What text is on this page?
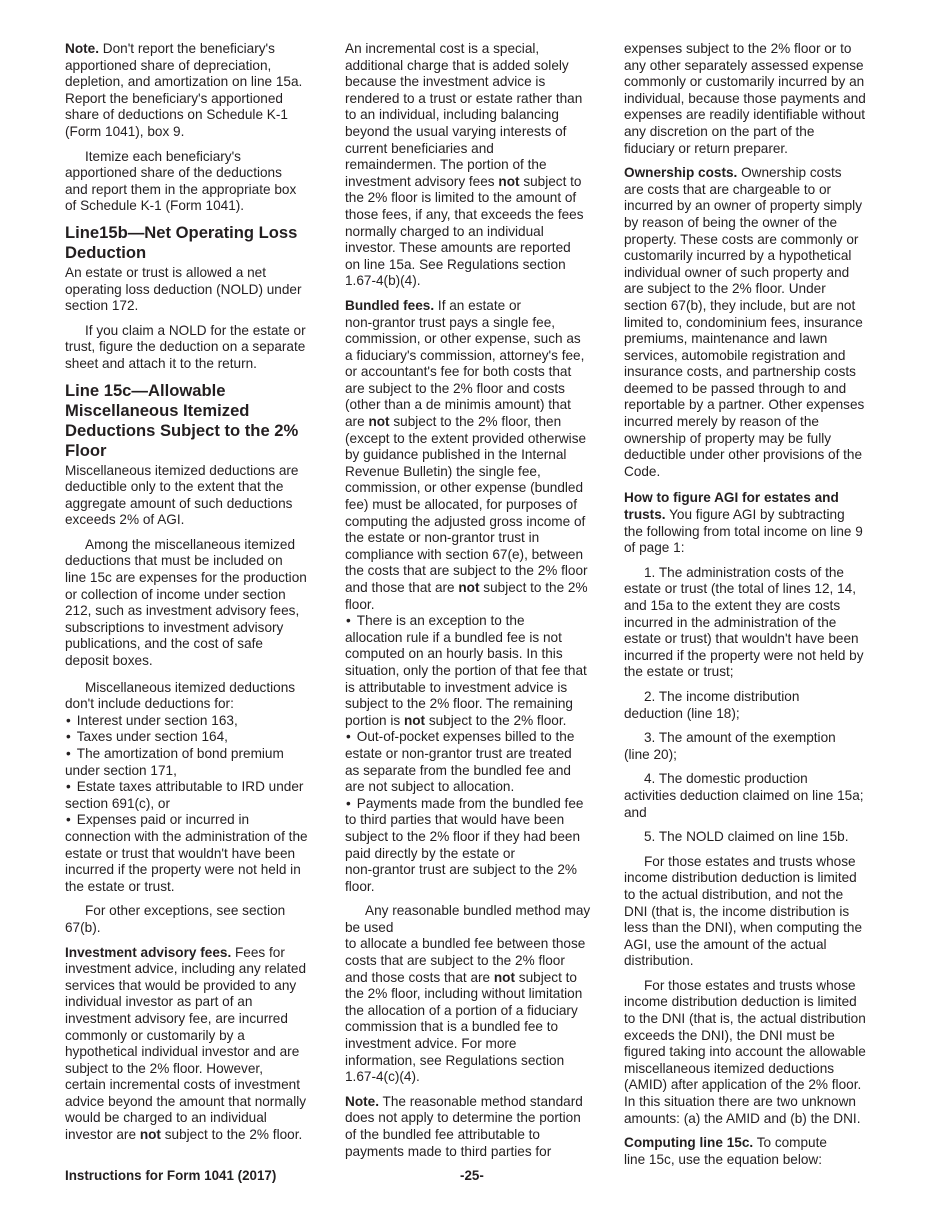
Note. Don't report the beneficiary's
apportioned share of depreciation,
depletion, and amortization on line 15a.
Report the beneficiary's apportioned
share of deductions on Schedule K-1
(Form 1041), box 9.

Itemize each beneficiary's
apportioned share of the deductions
and report them in the appropriate box
of Schedule K-1 (Form 1041).

Line15b—Net Operating Loss
Deduction

An estate or trust is allowed a net
operating loss deduction (NOLD) under
section 172.

If you claim a NOLD for the estate or
trust, figure the deduction on a separate
sheet and attach it to the return.

Line 15c—Allowable
Miscellaneous Itemized
Deductions Subject to the 2%
Floor

Miscellaneous itemized deductions are
deductible only to the extent that the
aggregate amount of such deductions
exceeds 2% of AGI.

Among the miscellaneous itemized
deductions that must be included on
line 15c are expenses for the production
or collection of income under section
212, such as investment advisory fees,
subscriptions to investment advisory
publications, and the cost of safe
deposit boxes.

Miscellaneous itemized deductions
don't include deductions for:

• Interest under section 163,
• Taxes under section 164,
• The amortization of bond premium
under section 171,
• Estate taxes attributable to IRD under
section 691(c), or
• Expenses paid or incurred in
connection with the administration of the
estate or trust that wouldn't have been
incurred if the property were not held in
the estate or trust.

For other exceptions, see section
67(b).

Investment advisory fees. Fees for
investment advice, including any related
services that would be provided to any
individual investor as part of an
investment advisory fee, are incurred
commonly or customarily by a
hypothetical individual investor and are
subject to the 2% floor. However,
certain incremental costs of investment
advice beyond the amount that normally
would be charged to an individual
investor are not subject to the 2% floor.

An incremental cost is a special,
additional charge that is added solely
because the investment advice is
rendered to a trust or estate rather than
to an individual, including balancing
beyond the usual varying interests of
current beneficiaries and
remaindermen. The portion of the
investment advisory fees not subject to
the 2% floor is limited to the amount of
those fees, if any, that exceeds the fees
normally charged to an individual
investor. These amounts are reported
on line 15a. See Regulations section
1.67-4(b)(4).

Bundled fees. If an estate or
non-grantor trust pays a single fee,
commission, or other expense, such as
a fiduciary's commission, attorney's fee,
or accountant's fee for both costs that
are subject to the 2% floor and costs
(other than a de minimis amount) that
are not subject to the 2% floor, then
(except to the extent provided otherwise
by guidance published in the Internal
Revenue Bulletin) the single fee,
commission, or other expense (bundled
fee) must be allocated, for purposes of
computing the adjusted gross income of
the estate or non-grantor trust in
compliance with section 67(e), between
the costs that are subject to the 2% floor
and those that are not subject to the 2%
floor.

• There is an exception to the
allocation rule if a bundled fee is not
computed on an hourly basis. In this
situation, only the portion of that fee that
is attributable to investment advice is
subject to the 2% floor. The remaining
portion is not subject to the 2% floor.
• Out-of-pocket expenses billed to the
estate or non-grantor trust are treated
as separate from the bundled fee and
are not subject to allocation.
• Payments made from the bundled fee
to third parties that would have been
subject to the 2% floor if they had been
paid directly by the estate or
non-grantor trust are subject to the 2%
floor.

Any reasonable bundled method may be used
to allocate a bundled fee between those
costs that are subject to the 2% floor
and those costs that are not subject to
the 2% floor, including without limitation
the allocation of a portion of a fiduciary
commission that is a bundled fee to
investment advice. For more
information, see Regulations section
1.67-4(c)(4).

Note. The reasonable method standard
does not apply to determine the portion
of the bundled fee attributable to
payments made to third parties for

expenses subject to the 2% floor or to
any other separately assessed expense
commonly or customarily incurred by an
individual, because those payments and
expenses are readily identifiable without
any discretion on the part of the
fiduciary or return preparer.

Ownership costs. Ownership costs
are costs that are chargeable to or
incurred by an owner of property simply
by reason of being the owner of the
property. These costs are commonly or
customarily incurred by a hypothetical
individual owner of such property and
are subject to the 2% floor. Under
section 67(b), they include, but are not
limited to, condominium fees, insurance
premiums, maintenance and lawn
services, automobile registration and
insurance costs, and partnership costs
deemed to be passed through to and
reportable by a partner. Other expenses
incurred merely by reason of the
ownership of property may be fully
deductible under other provisions of the
Code.

How to figure AGI for estates and
trusts. You figure AGI by subtracting
the following from total income on line 9
of page 1:

1. The administration costs of the
estate or trust (the total of lines 12, 14,
and 15a to the extent they are costs
incurred in the administration of the
estate or trust) that wouldn't have been
incurred if the property were not held by
the estate or trust;
2. The income distribution
deduction (line 18);
3. The amount of the exemption
(line 20);
4. The domestic production
activities deduction claimed on line 15a;
and
5. The NOLD claimed on line 15b.

For those estates and trusts whose
income distribution deduction is limited
to the actual distribution, and not the
DNI (that is, the income distribution is
less than the DNI), when computing the
AGI, use the amount of the actual
distribution.

For those estates and trusts whose
income distribution deduction is limited
to the DNI (that is, the actual distribution
exceeds the DNI), the DNI must be
figured taking into account the allowable
miscellaneous itemized deductions
(AMID) after application of the 2% floor.
In this situation there are two unknown
amounts: (a) the AMID and (b) the DNI.

Computing line 15c. To compute
line 15c, use the equation below:

Instructions for Form 1041 (2017)	-25-
